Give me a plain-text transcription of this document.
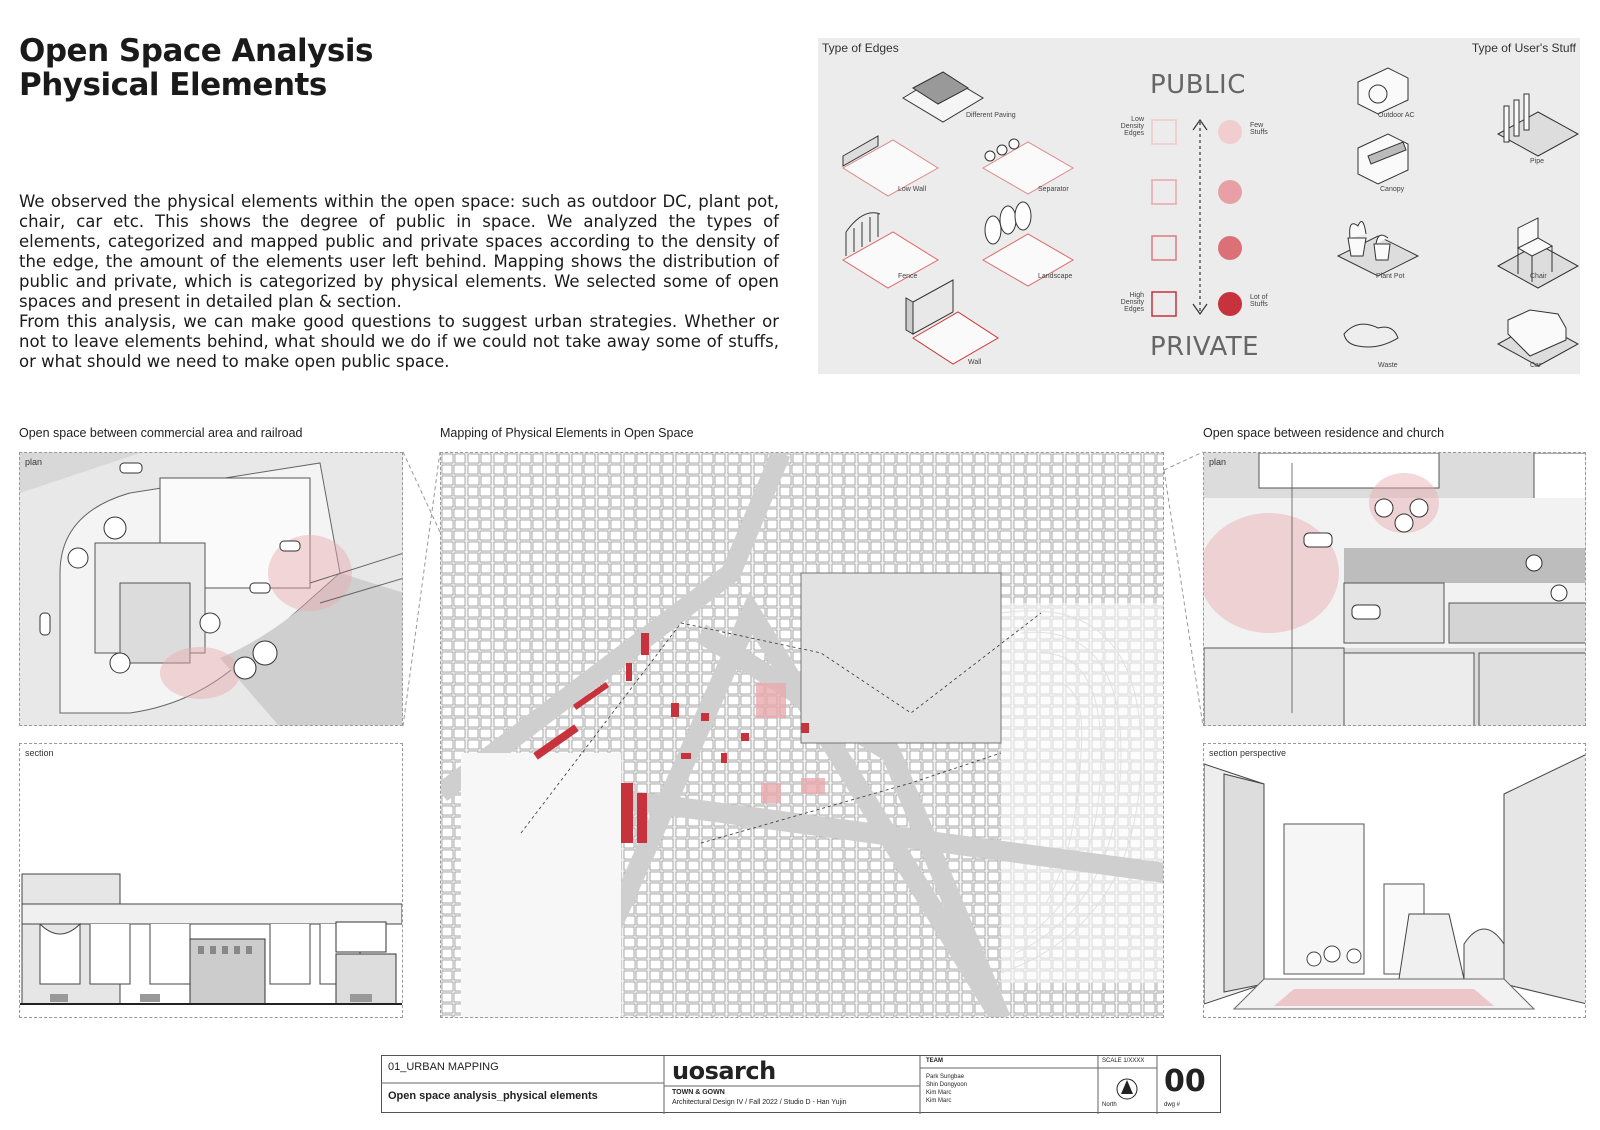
Open Space Analysis
Physical Elements

We observed the physical elements within the open space: such as outdoor DC, plant pot, chair, car etc. This shows the degree of public in space. We analyzed the types of elements, categorized and mapped public and private spaces according to the density of the edge, the amount of the elements user left behind. Mapping shows the distribution of public and private, which is categorized by physical elements. We selected some of open spaces and present in detailed plan & section.

From this analysis, we can make good questions to suggest urban strategies. Whether or not to leave elements behind, what should we do if we could not take away some of stuffs, or what should we need to make open public space.

Type of Edges	Type of User's Stuff
PUBLIC
PRIVATE
Different Paving
Low Wall	Separator
Fence	Landscape
Wall
Low Density Edges
High Density Edges
Few Stuffs
Lot of Stuffs
Outdoor AC
Pipe
Canopy
Plant Pot	Chair
Waste	Car
Open space between commercial area and railroad	Mapping of Physical Elements in Open Space	Open space between residence and church
plan
section
plan
section perspective
01_URBAN MAPPING
Open space analysis_physical elements
uosarch
TOWN & GOWN
Architectural Design IV / Fall 2022 / Studio D - Han Yujin
TEAM
Park Sungbae
Shin Dongyoon
Kim Marc
Kim Marc
SCALE 1/XXXX
North
00
dwg #
